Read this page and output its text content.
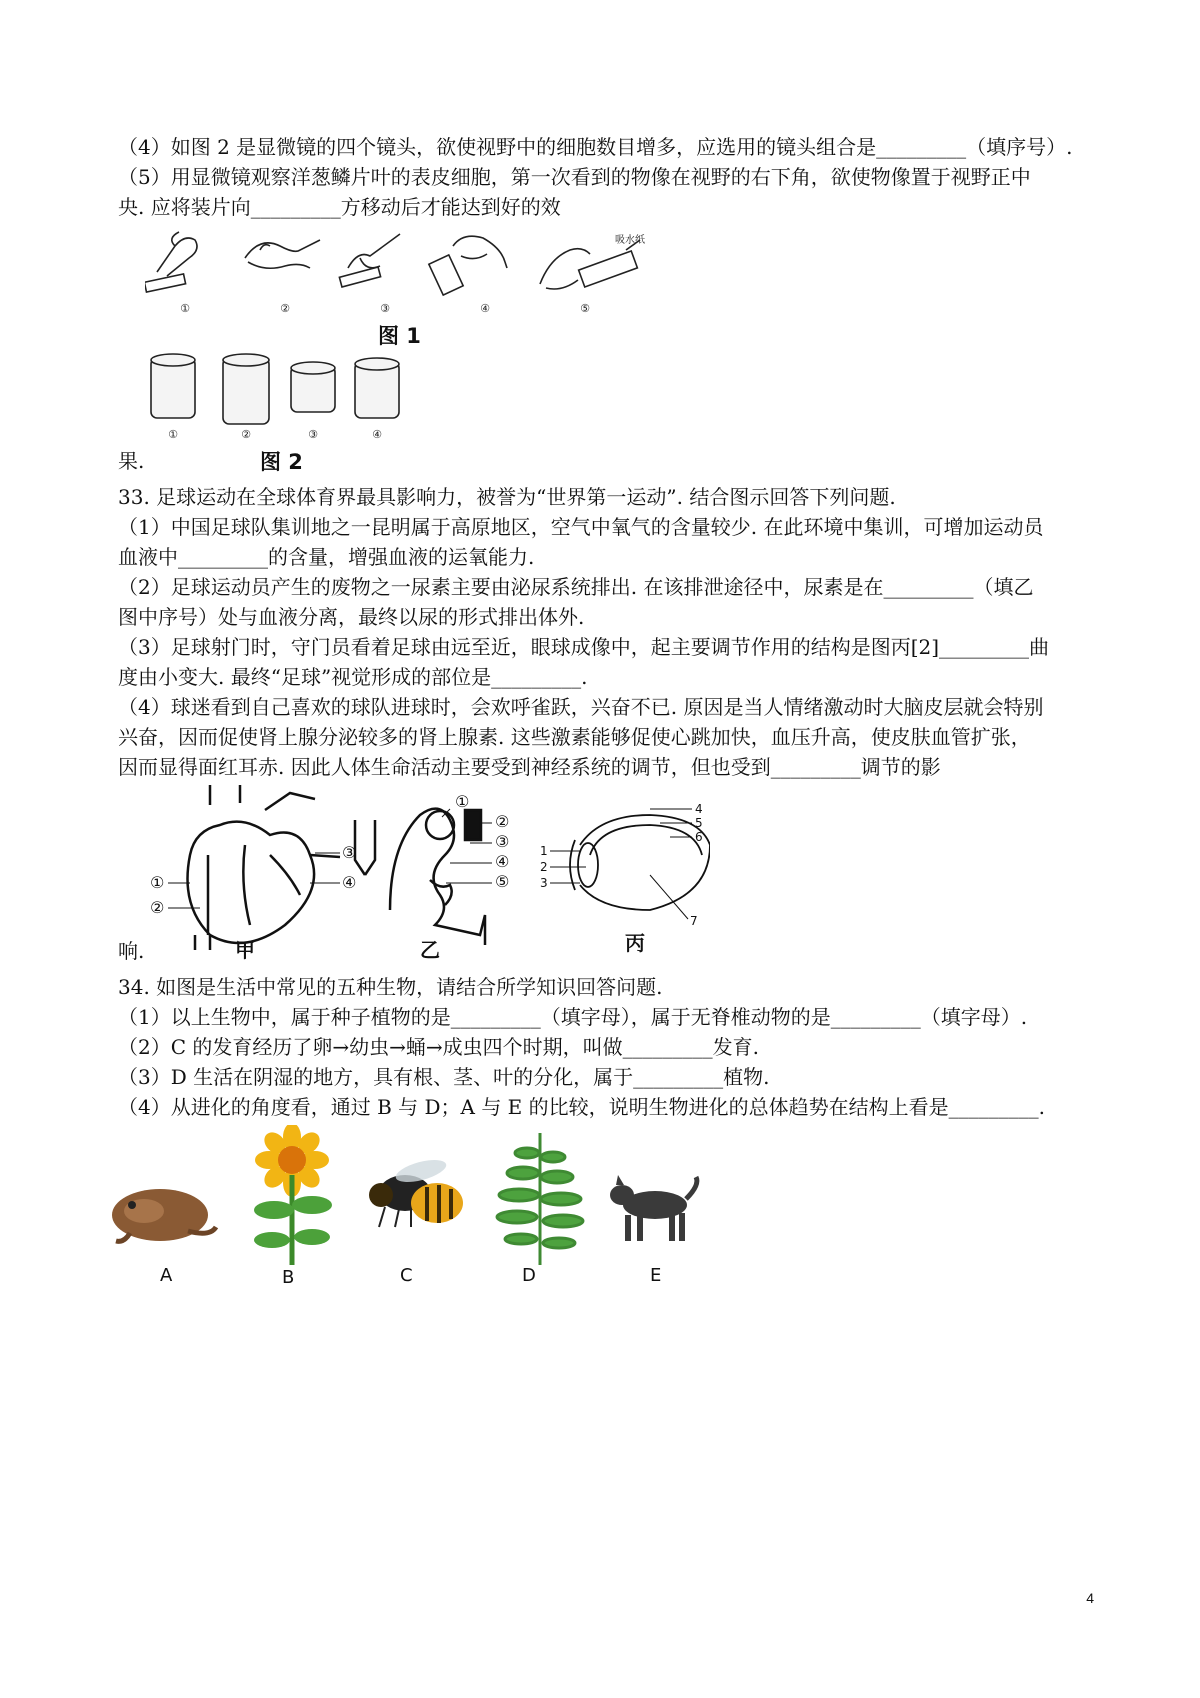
（4）如图 2 是显微镜的四个镜头，欲使视野中的细胞数目增多，应选用的镜头组合是_________（填序号）.
（5）用显微镜观察洋葱鳞片叶的表皮细胞，第一次看到的物像在视野的右下角，欲使物像置于视野正中
央. 应将装片向_________方移动后才能达到好的效
吸水纸
①	②	③	④	⑤
图 1
①	②	③	④
果.	图 2
33. 足球运动在全球体育界最具影响力，被誉为“世界第一运动”. 结合图示回答下列问题.
（1）中国足球队集训地之一昆明属于高原地区，空气中氧气的含量较少. 在此环境中集训，可增加运动员
血液中_________的含量，增强血液的运氧能力.
（2）足球运动员产生的废物之一尿素主要由泌尿系统排出. 在该排泄途径中，尿素是在_________（填乙
图中序号）处与血液分离，最终以尿的形式排出体外.
（3）足球射门时，守门员看着足球由远至近，眼球成像中，起主要调节作用的结构是图丙[2]_________曲
度由小变大. 最终“足球”视觉形成的部位是_________.
（4）球迷看到自己喜欢的球队进球时，会欢呼雀跃，兴奋不已. 原因是当人情绪激动时大脑皮层就会特别
兴奋，因而促使肾上腺分泌较多的肾上腺素. 这些激素能够促使心跳加快，血压升高，使皮肤血管扩张，
因而显得面红耳赤. 因此人体生命活动主要受到神经系统的调节，但也受到_________调节的影
①
②
③
④
甲
①
②
③
④
⑤
乙
4
5
6
1
2
3
7
丙
响.
34. 如图是生活中常见的五种生物，请结合所学知识回答问题.
（1）以上生物中，属于种子植物的是_________（填字母），属于无脊椎动物的是_________（填字母）.
（2）C 的发育经历了卵→幼虫→蛹→成虫四个时期，叫做_________发育.
（3）D 生活在阴湿的地方，具有根、茎、叶的分化，属于_________植物.
（4）从进化的角度看，通过 B 与 D；A 与 E 的比较，说明生物进化的总体趋势在结构上看是_________.
A	B	C	D	E
4
